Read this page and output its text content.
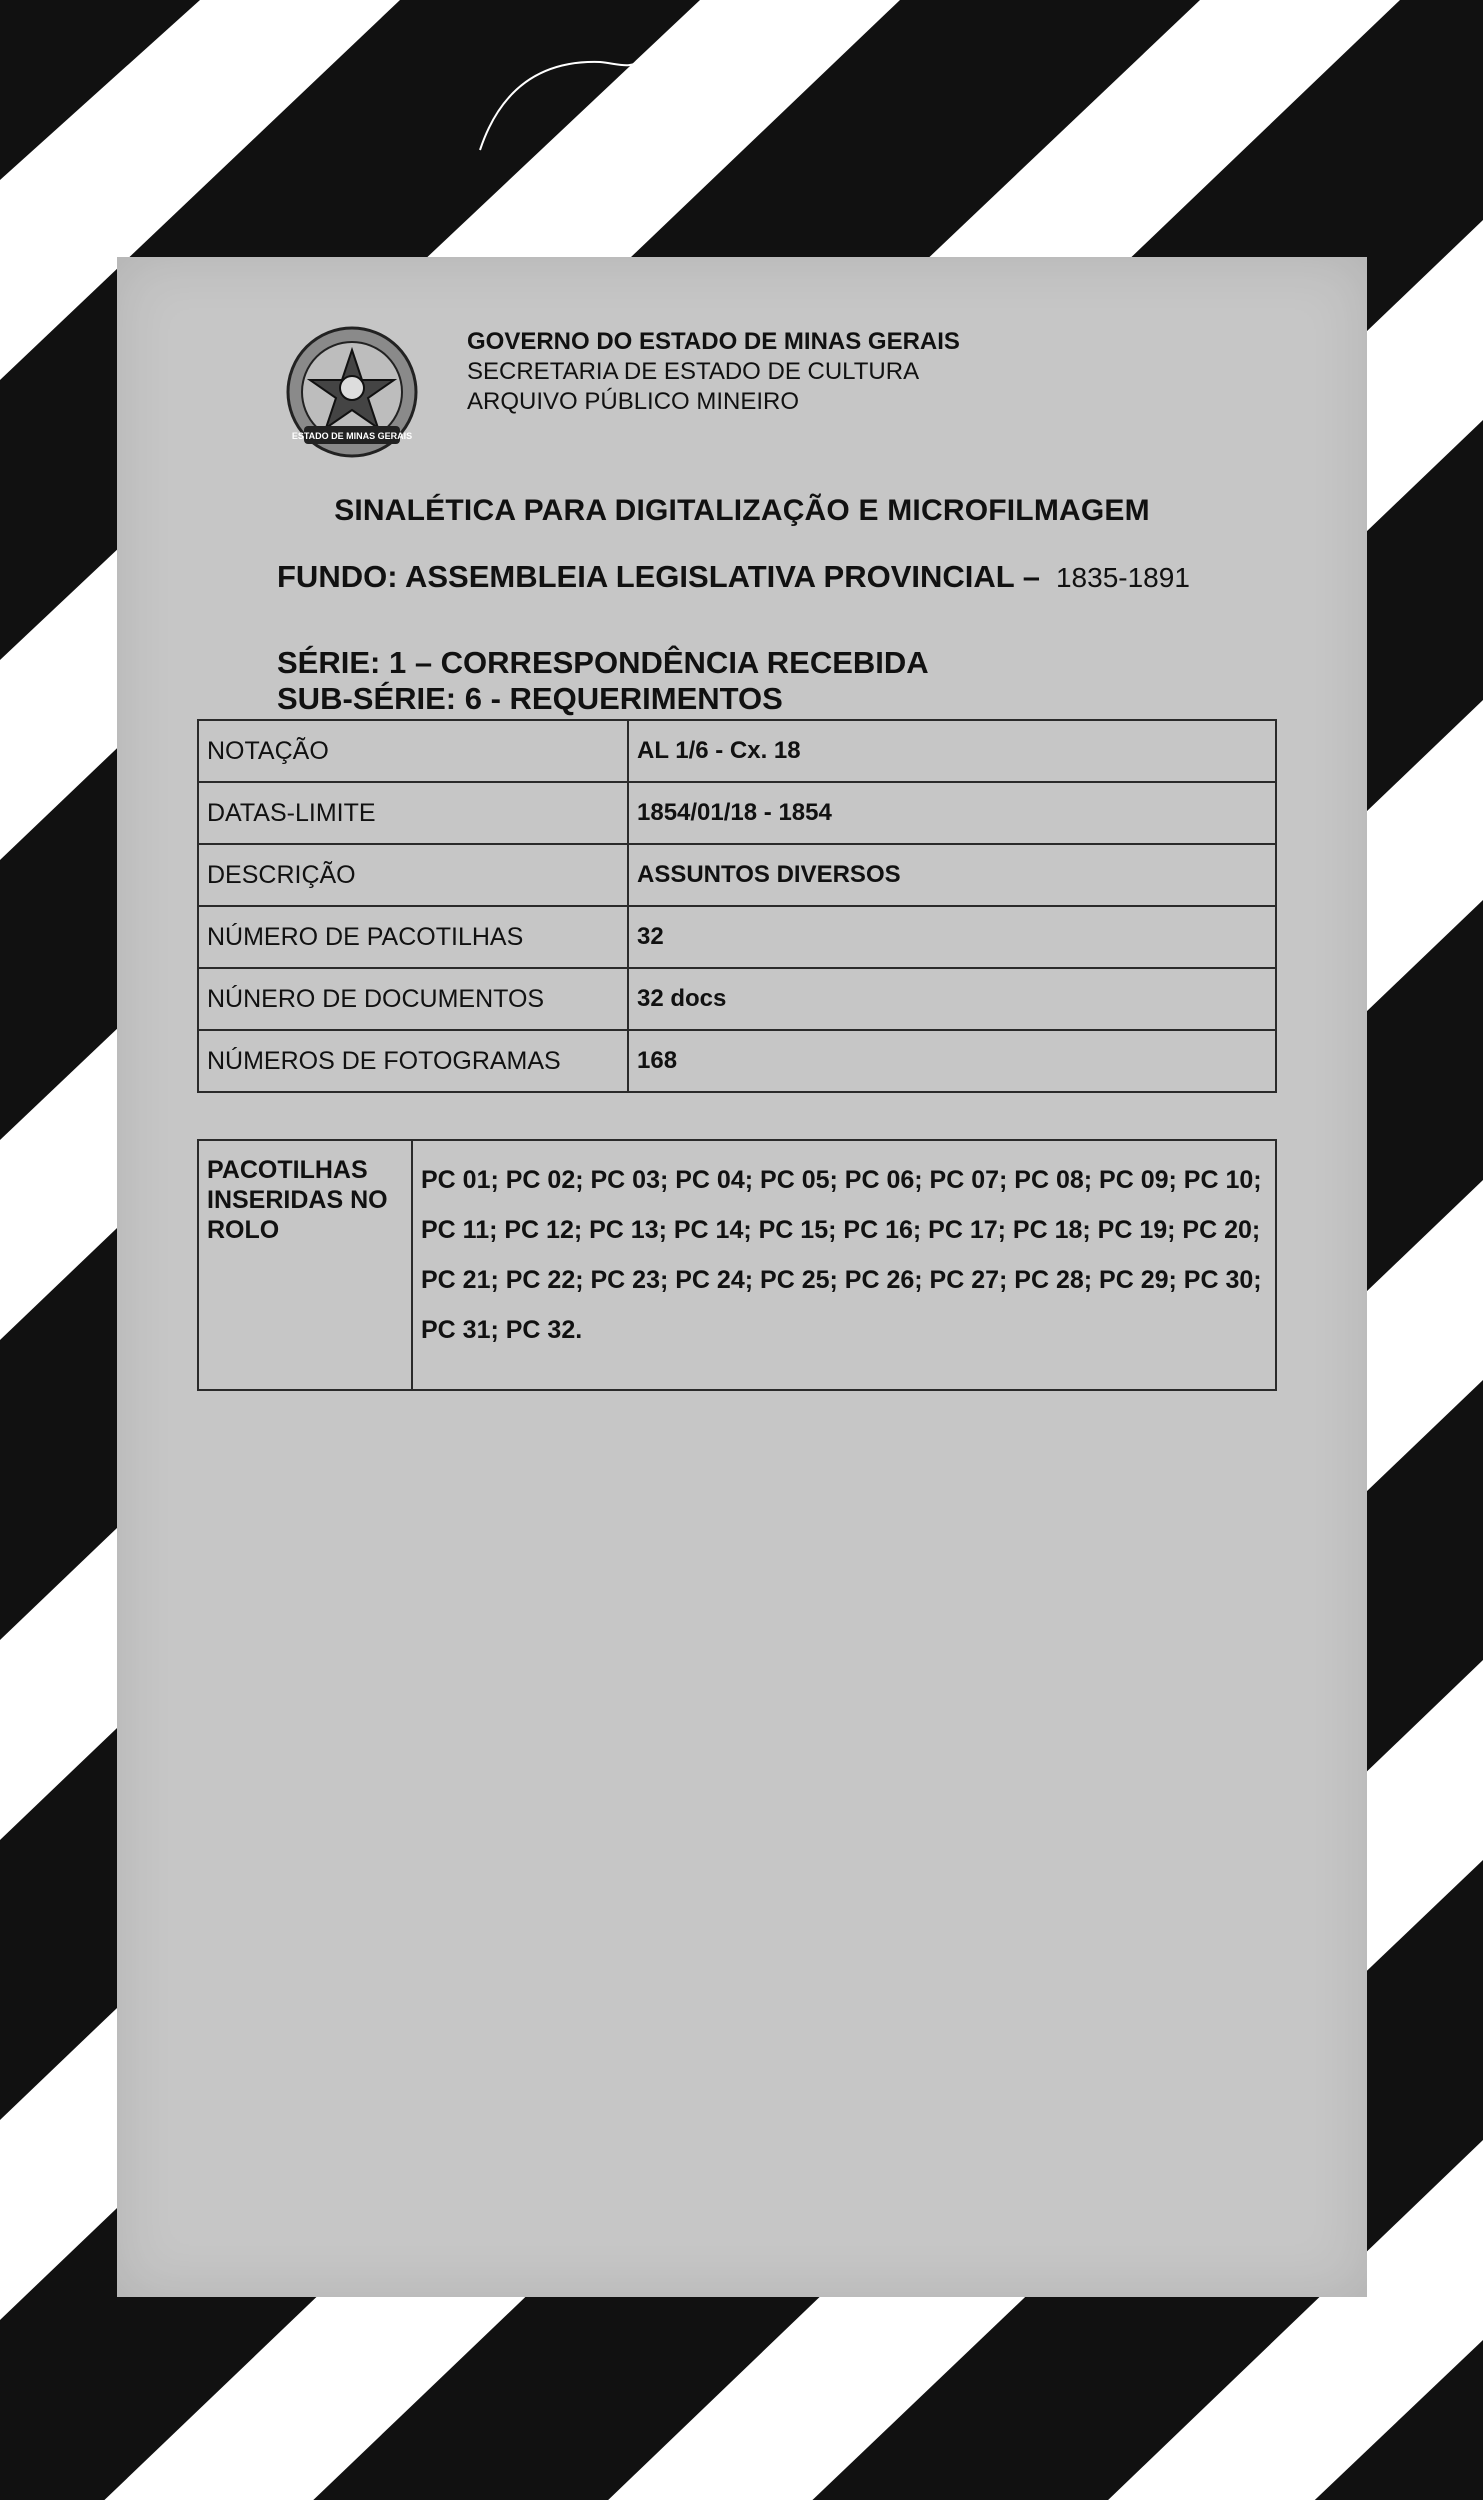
ESTADO DE MINAS GERAIS
GOVERNO DO ESTADO DE MINAS GERAIS
SECRETARIA DE ESTADO DE CULTURA
ARQUIVO PÚBLICO MINEIRO
SINALÉTICA PARA DIGITALIZAÇÃO E MICROFILMAGEM
FUNDO: ASSEMBLEIA LEGISLATIVA PROVINCIAL – 1835-1891
SÉRIE: 1 – CORRESPONDÊNCIA RECEBIDA
SUB-SÉRIE: 6 - REQUERIMENTOS
NOTAÇÃO	AL 1/6 - Cx. 18
DATAS-LIMITE	1854/01/18 - 1854
DESCRIÇÃO	ASSUNTOS DIVERSOS
NÚMERO DE PACOTILHAS	32
NÚNERO DE DOCUMENTOS	32 docs
NÚMEROS DE FOTOGRAMAS	168
PACOTILHAS
INSERIDAS NO
ROLO

PC 01; PC 02; PC 03; PC 04; PC 05; PC 06; PC 07; PC 08; PC 09; PC 10;
PC 11; PC 12; PC 13; PC 14; PC 15; PC 16; PC 17; PC 18; PC 19; PC 20;
PC 21; PC 22; PC 23; PC 24; PC 25; PC 26; PC 27; PC 28; PC 29; PC 30;
PC 31; PC 32.
